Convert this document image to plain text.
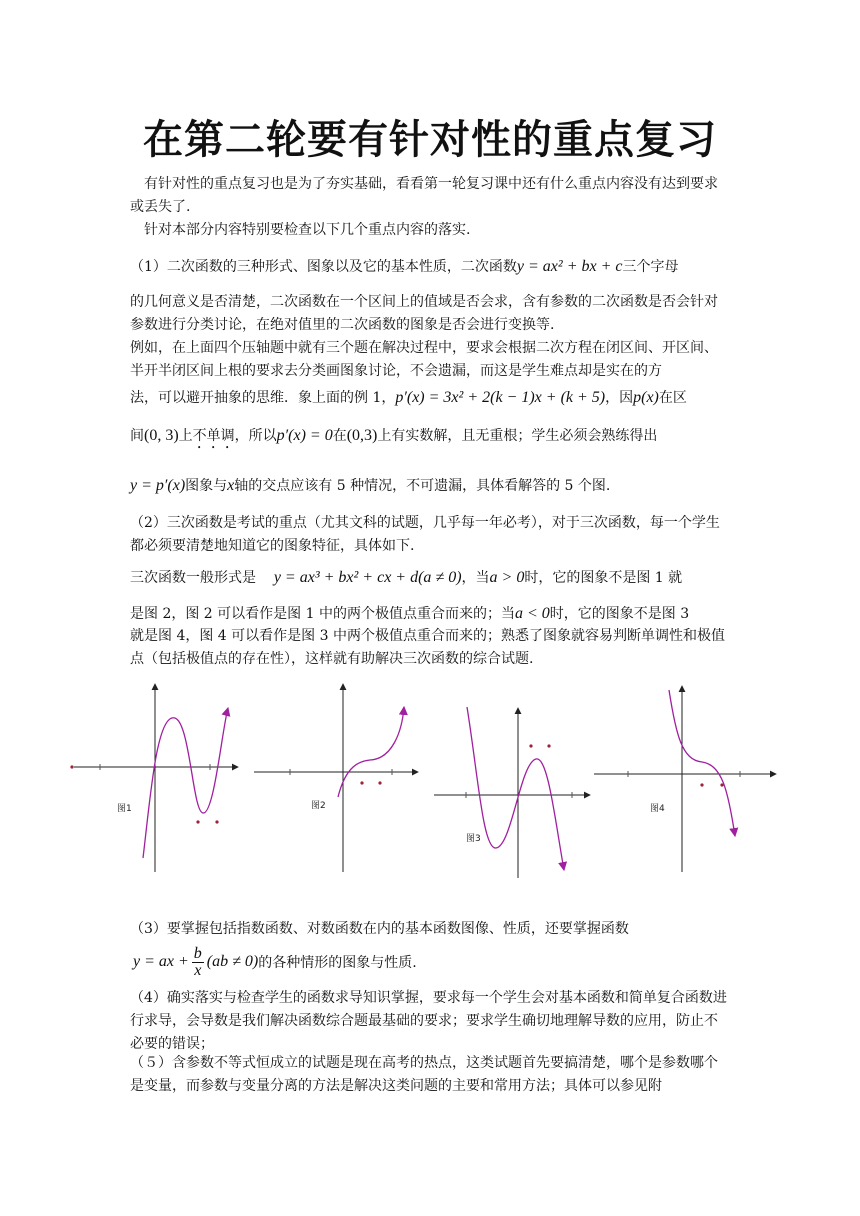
在第二轮要有针对性的重点复习

有针对性的重点复习也是为了夯实基础，看看第一轮复习课中还有什么重点内容没有达到要求或丢失了.

针对本部分内容特别要检查以下几个重点内容的落实.

（1）二次函数的三种形式、图象以及它的基本性质，二次函数y = ax² + bx + c三个字母

的几何意义是否清楚，二次函数在一个区间上的值域是否会求，含有参数的二次函数是否会针对参数进行分类讨论，在绝对值里的二次函数的图象是否会进行变换等.

例如，在上面四个压轴题中就有三个题在解决过程中，要求会根据二次方程在闭区间、开区间、半开半闭区间上根的要求去分类画图象讨论，不会遗漏，而这是学生难点却是实在的方

法，可以避开抽象的思维．象上面的例 1，p′(x) = 3x² + 2(k − 1)x + (k + 5)，因p(x)在区

间(0, 3)上不单调，所以p′(x) = 0在(0,3)上有实数解，且无重根；学生必须会熟练得出

y = p′(x)图象与x轴的交点应该有 5 种情况，不可遗漏，具体看解答的 5 个图.

（2）三次函数是考试的重点（尤其文科的试题，几乎每一年必考），对于三次函数，每一个学生都必须要清楚地知道它的图象特征，具体如下.

三次函数一般形式是 y = ax³ + bx² + cx + d(a ≠ 0)，当a > 0时，它的图象不是图 1 就

是图 2，图 2 可以看作是图 1 中的两个极值点重合而来的；当a < 0时，它的图象不是图 3

就是图 4，图 4 可以看作是图 3 中两个极值点重合而来的；熟悉了图象就容易判断单调性和极值点（包括极值点的存在性），这样就有助解决三次函数的综合试题.

图1	图2
图3
图4

（3）要掌握包括指数函数、对数函数在内的基本函数图像、性质，还要掌握函数

y = ax + $\frac{b}{x} (ab \ne 0)$ 的各种情形的图象与性质.

（4）确实落实与检查学生的函数求导知识掌握，要求每一个学生会对基本函数和简单复合函数进行求导，会导数是我们解决函数综合题最基础的要求；要求学生确切地理解导数的应用，防止不必要的错误；

（５）含参数不等式恒成立的试题是现在高考的热点，这类试题首先要搞清楚，哪个是参数哪个是变量，而参数与变量分离的方法是解决这类问题的主要和常用方法；具体可以参见附
